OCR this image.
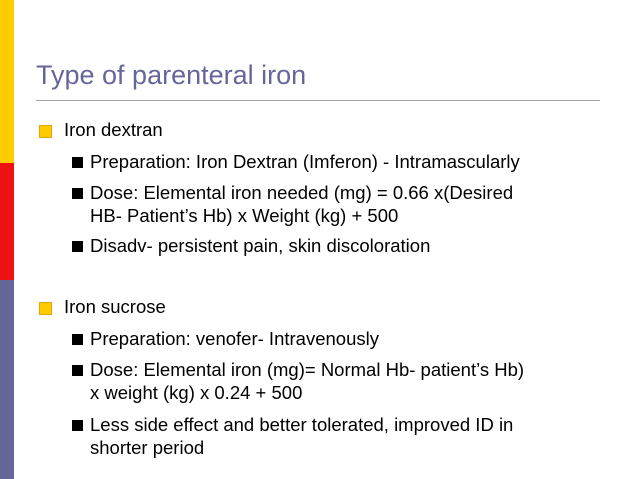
Type of parenteral iron
Iron dextran
Preparation: Iron Dextran (Imferon) - Intramascularly
Dose: Elemental iron needed (mg) = 0.66 x(Desired
HB- Patient’s Hb) x Weight (kg) + 500
Disadv- persistent pain, skin discoloration
Iron sucrose
Preparation: venofer- Intravenously
Dose: Elemental iron (mg)= Normal Hb- patient’s Hb)
x weight (kg) x 0.24 + 500
Less side effect and better tolerated, improved ID in
shorter period
